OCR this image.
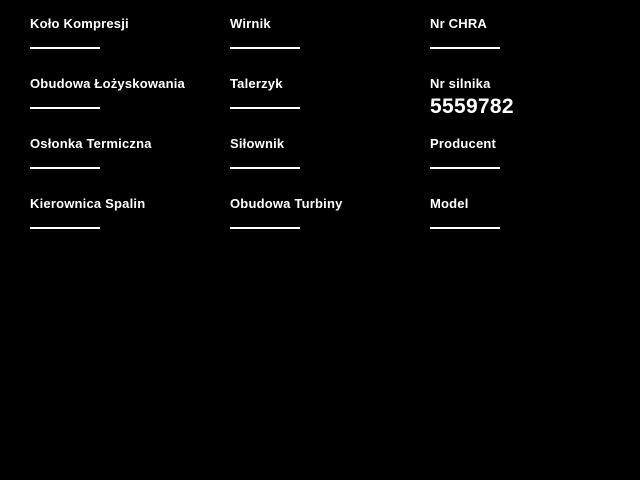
Koło Kompresji
Obudowa Łożyskowania
Osłonka Termiczna
Kierownica Spalin
Wirnik
Talerzyk
Siłownik
Obudowa Turbiny
Nr CHRA
Nr silnika
5559782
Producent
Model
